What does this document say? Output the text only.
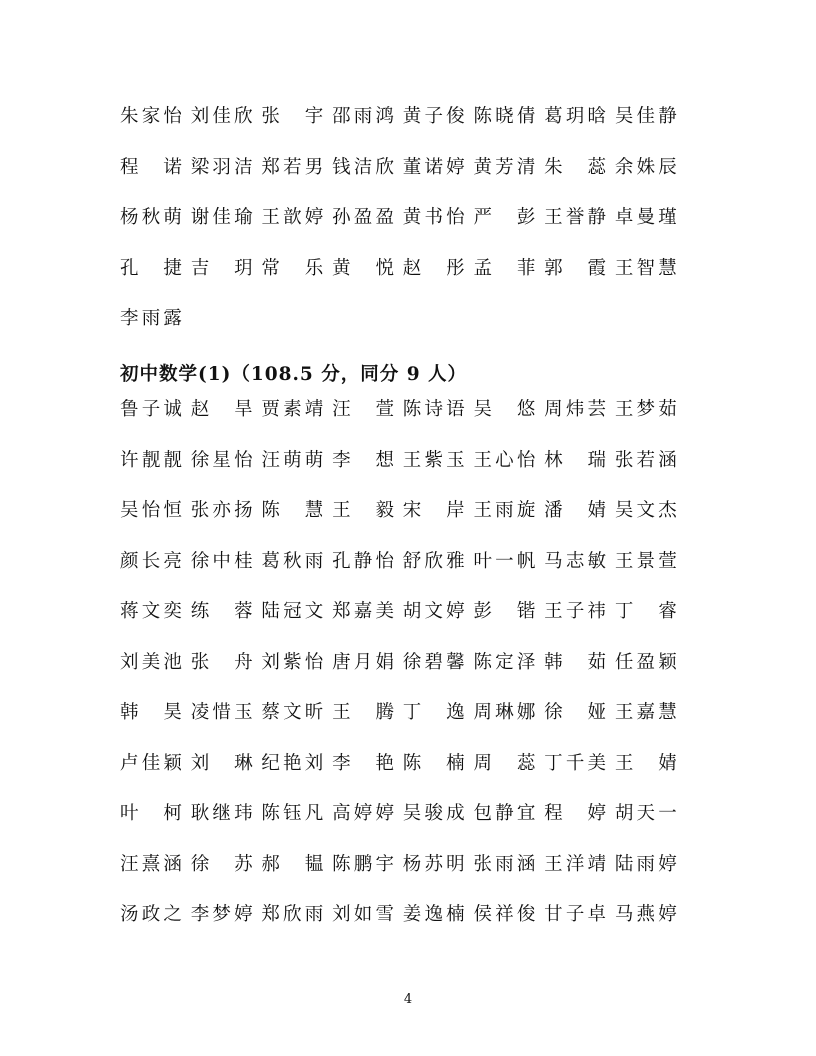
朱家怡 刘佳欣 张　宇 邵雨鸿 黄子俊 陈晓倩 葛玥晗 吴佳静
程　诺 梁羽洁 郑若男 钱洁欣 董诺婷 黄芳清 朱　蕊 余姝辰
杨秋萌 谢佳瑜 王歆婷 孙盈盈 黄书怡 严　彭 王誉静 卓曼瑾
孔　捷 吉　玥 常　乐 黄　悦 赵　彤 孟　菲 郭　霞 王智慧
李雨露
初中数学(1)（108.5 分，同分 9 人）
鲁子诚 赵　旱 贾素靖 汪　萱 陈诗语 吴　悠 周炜芸 王梦茹
许靓靓 徐星怡 汪萌萌 李　想 王紫玉 王心怡 林　瑞 张若涵
吴怡恒 张亦扬 陈　慧 王　毅 宋　岸 王雨旋 潘　婧 吴文杰
颜长亮 徐中桂 葛秋雨 孔静怡 舒欣雅 叶一帆 马志敏 王景萱
蒋文奕 练　蓉 陆冠文 郑嘉美 胡文婷 彭　锴 王子祎 丁　睿
刘美池 张　舟 刘紫怡 唐月娟 徐碧馨 陈定泽 韩　茹 任盈颖
韩　昊 凌惜玉 蔡文昕 王　腾 丁　逸 周琳娜 徐　娅 王嘉慧
卢佳颖 刘　琳 纪艳刘 李　艳 陈　楠 周　蕊 丁千美 王　婧
叶　柯 耿继玮 陈钰凡 高婷婷 吴骏成 包静宜 程　婷 胡天一
汪熹涵 徐　苏 郝　韫 陈鹏宇 杨苏明 张雨涵 王洋靖 陆雨婷
汤政之 李梦婷 郑欣雨 刘如雪 姜逸楠 侯祥俊 甘子卓 马燕婷
4
